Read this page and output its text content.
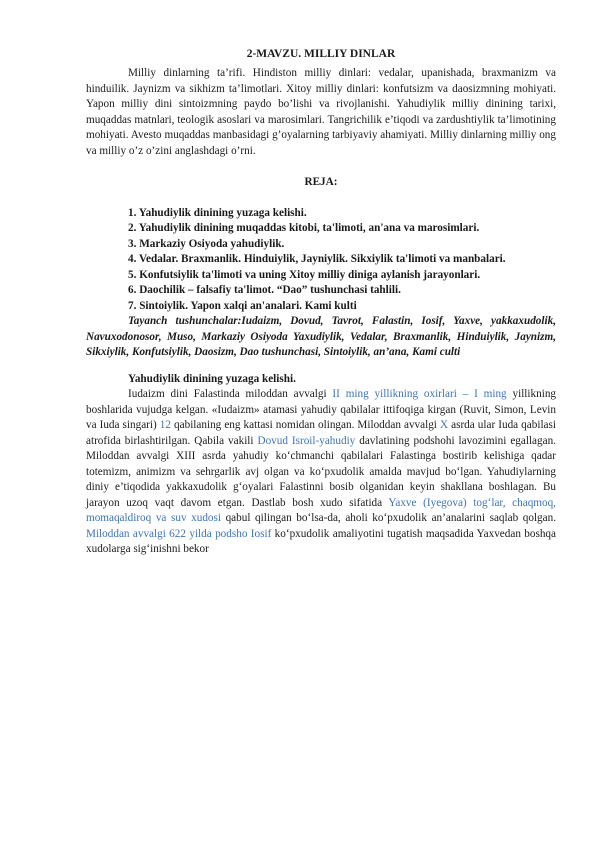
2-MAVZU. MILLIY DINLAR

Milliy dinlarning ta’rifi. Hindiston milliy dinlari: vedalar, upanishada, braxmanizm va hinduilik. Jaynizm va sikhizm ta’limotlari. Xitoy milliy dinlari: konfutsizm va daosizmning mohiyati. Yapon milliy dini sintoizmning paydo bo’lishi va rivojlanishi. Yahudiylik milliy dinining tarixi, muqaddas matnlari, teologik asoslari va marosimlari. Tangrichilik e’tiqodi va zardushtiylik ta’limotining mohiyati. Avesto muqaddas manbasidagi g’oyalarning tarbiyaviy ahamiyati. Milliy dinlarning milliy ong va milliy o’z o’zini anglashdagi o’rni.

REJA:

1. Yahudiylik dinining yuzaga kelishi.

2. Yahudiylik dinining muqaddas kitobi, ta'limoti, an'ana va marosimlari.

3. Markaziy Osiyoda yahudiylik.

4. Vedalar. Braxmanlik. Hinduiylik, Jayniylik. Sikxiylik ta'limoti va manbalari.

5. Konfutsiylik ta'limoti va uning Xitoy milliy diniga aylanish jarayonlari.

6. Daochilik – falsafiy ta'limot. “Dao” tushunchasi tahlili.

7. Sintoiylik. Yapon xalqi an'analari. Kami kulti

Tayanch tushunchalar:Iudaizm, Dovud, Tavrot, Falastin, Iosif, Yaxve, yakkaxudolik, Navuxodonosor, Muso, Markaziy Osiyoda Yaxudiylik, Vedalar, Braxmanlik, Hinduiylik, Jaynizm, Sikxiylik, Konfutsiylik, Daosizm, Dao tushunchasi, Sintoiylik, an’ana, Kami culti

Yahudiylik dinining yuzaga kelishi.

Iudaizm dini Falastinda miloddan avvalgi II ming yillikning oxirlari – I ming yillikning boshlarida vujudga kelgan. «Iudaizm» atamasi yahudiy qabilalar ittifoqiga kirgan (Ruvit, Simon, Levin va Iuda singari) 12 qabilaning eng kattasi nomidan olingan. Miloddan avvalgi X asrda ular Iuda qabilasi atrofida birlashtirilgan. Qabila vakili Dovud Isroil-yahudiy davlatining podshohi lavozimini egallagan. Miloddan avvalgi XIII asrda yahudiy ko‘chmanchi qabilalari Falastinga bostirib kelishiga qadar totemizm, animizm va sehrgarlik avj olgan va ko‘pxudolik amalda mavjud bo‘lgan. Yahudiylarning diniy e’tiqodida yakkaxudolik g‘oyalari Falastinni bosib olganidan keyin shakllana boshlagan. Bu jarayon uzoq vaqt davom etgan. Dastlab bosh xudo sifatida Yaxve (Iyegova) tog‘lar, chaqmoq, momaqaldiroq va suv xudosi qabul qilingan bo‘lsa-da, aholi ko‘pxudolik an’analarini saqlab qolgan. Miloddan avvalgi 622 yilda podsho Iosif ko‘pxudolik amaliyotini tugatish maqsadida Yaxvedan boshqa xudolarga sig‘inishni bekor
